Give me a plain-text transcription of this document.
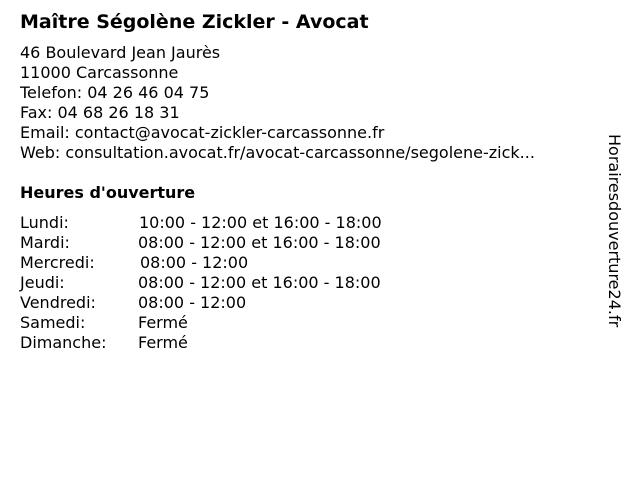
Maître Ségolène Zickler - Avocat
46 Boulevard Jean Jaurès
11000 Carcassonne
Telefon: 04 26 46 04 75
Fax: 04 68 26 18 31
Email: contact@avocat-zickler-carcassonne.fr
Web: consultation.avocat.fr/avocat-carcassonne/segolene-zick...
Heures d'ouverture
Lundi:	10:00 - 12:00 et 16:00 - 18:00
Mardi:	08:00 - 12:00 et 16:00 - 18:00
Mercredi:	08:00 - 12:00
Jeudi:	08:00 - 12:00 et 16:00 - 18:00
Vendredi:	08:00 - 12:00
Samedi:	Fermé
Dimanche: Fermé
Horairesdouverture24.fr
